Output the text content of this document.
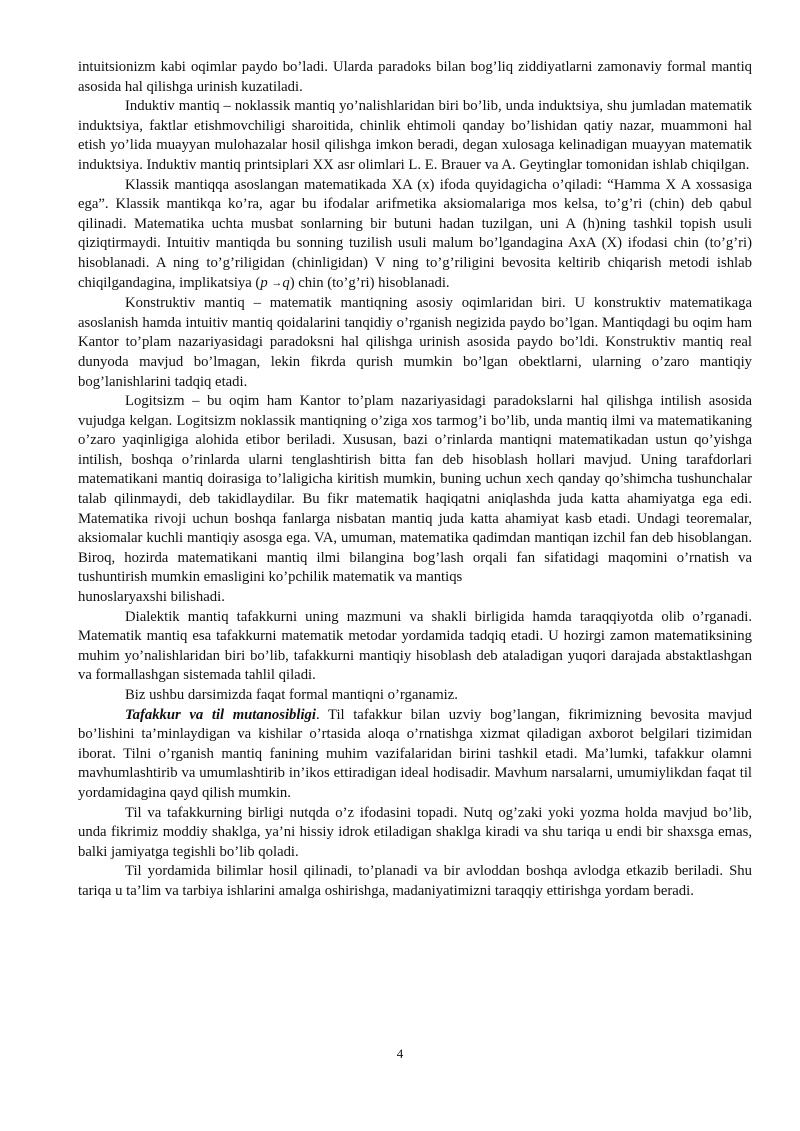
intuitsionizm kabi oqimlar paydo bo’ladi. Ularda paradoks bilan bog’liq ziddiyatlarni zamonaviy formal mantiq asosida hal qilishga urinish kuzatiladi.

Induktiv mantiq – noklassik mantiq yo’nalishlaridan biri bo’lib, unda induktsiya, shu jumladan matematik induktsiya, faktlar etishmovchiligi sharoitida, chinlik ehtimoli qanday bo’lishidan qatiy nazar, muammoni hal etish yo’lida muayyan mulohazalar hosil qilishga imkon beradi, degan xulosaga kelinadigan muayyan matematik induktsiya. Induktiv mantiq printsiplari XX asr olimlari L. E. Brauer va A. Geytinglar tomonidan ishlab chiqilgan.

Klassik mantiqqa asoslangan matematikada XA (x) ifoda quyidagicha o’qiladi: “Hamma X A xossasiga ega”. Klassik mantikqa ko’ra, agar bu ifodalar arifmetika aksiomalariga mos kelsa, to’g’ri (chin) deb qabul qilinadi. Matematika uchta musbat sonlarning bir butuni hadan tuzilgan, uni A (h)ning tashkil topish usuli qiziqtirmaydi. Intuitiv mantiqda bu sonning tuzilish usuli malum bo’lgandagina AxA (X) ifodasi chin (to’g’ri) hisoblanadi. A ning to’g’riligidan (chinligidan) V ning to’g’riligini bevosita keltirib chiqarish metodi ishlab chiqilgandagina, implikatsiya (p →q) chin (to’g’ri) hisoblanadi.

Konstruktiv mantiq – matematik mantiqning asosiy oqimlaridan biri. U konstruktiv matematikaga asoslanish hamda intuitiv mantiq qoidalarini tanqidiy o’rganish negizida paydo bo’lgan. Mantiqdagi bu oqim ham Kantor to’plam nazariyasidagi paradoksni hal qilishga urinish asosida paydo bo’ldi. Konstruktiv mantiq real dunyoda mavjud bo’lmagan, lekin fikrda qurish mumkin bo’lgan obektlarni, ularning o’zaro mantiqiy bog’lanishlarini tadqiq etadi.

Logitsizm – bu oqim ham Kantor to’plam nazariyasidagi paradokslarni hal qilishga intilish asosida vujudga kelgan. Logitsizm noklassik mantiqning o’ziga xos tarmog’i bo’lib, unda mantiq ilmi va matematikaning o’zaro yaqinligiga alohida etibor beriladi. Xususan, bazi o’rinlarda mantiqni matematikadan ustun qo’yishga intilish, boshqa o’rinlarda ularni tenglashtirish bitta fan deb hisoblash hollari mavjud. Uning tarafdorlari matematikani mantiq doirasiga to’laligicha kiritish mumkin, buning uchun xech qanday qo’shimcha tushunchalar talab qilinmaydi, deb takidlaydilar. Bu fikr matematik haqiqatni aniqlashda juda katta ahamiyatga ega edi. Matematika rivoji uchun boshqa fanlarga nisbatan mantiq juda katta ahamiyat kasb etadi. Undagi teoremalar, aksiomalar kuchli mantiqiy asosga ega. VA, umuman, matematika qadimdan mantiqan izchil fan deb hisoblangan. Biroq, hozirda matematikani mantiq ilmi bilangina bog’lash orqali fan sifatidagi maqomini o’rnatish va tushuntirish mumkin emasligini ko’pchilik matematik va mantiqs
hunoslaryaxshi bilishadi.

Dialektik mantiq tafakkurni uning mazmuni va shakli birligida hamda taraqqiyotda olib o’rganadi. Matematik mantiq esa tafakkurni matematik metodar yordamida tadqiq etadi. U hozirgi zamon matematiksining muhim yo’nalishlaridan biri bo’lib, tafakkurni mantiqiy hisoblash deb ataladigan yuqori darajada abstaktlashgan va formallashgan sistemada tahlil qiladi.

Biz ushbu darsimizda faqat formal mantiqni o’rganamiz.

Tafakkur va til mutanosibligi. Til tafakkur bilan uzviy bog’langan, fikrimizning bevosita mavjud bo’lishini ta’minlaydigan va kishilar o’rtasida aloqa o’rnatishga xizmat qiladigan axborot belgilari tizimidan iborat. Tilni o’rganish mantiq fanining muhim vazifalaridan birini tashkil etadi. Ma’lumki, tafakkur olamni mavhumlashtirib va umumlashtirib in’ikos ettiradigan ideal hodisadir. Mavhum narsalarni, umumiylikdan faqat til yordamidagina qayd qilish mumkin.

Til va tafakkurning birligi nutqda o’z ifodasini topadi. Nutq og’zaki yoki yozma holda mavjud bo’lib, unda fikrimiz moddiy shaklga, ya’ni hissiy idrok etiladigan shaklga kiradi va shu tariqa u endi bir shaxsga emas, balki jamiyatga tegishli bo’lib qoladi.

Til yordamida bilimlar hosil qilinadi, to’planadi va bir avloddan boshqa avlodga etkazib beriladi. Shu tariqa u ta’lim va tarbiya ishlarini amalga oshirishga, madaniyatimizni taraqqiy ettirishga yordam beradi.

4
